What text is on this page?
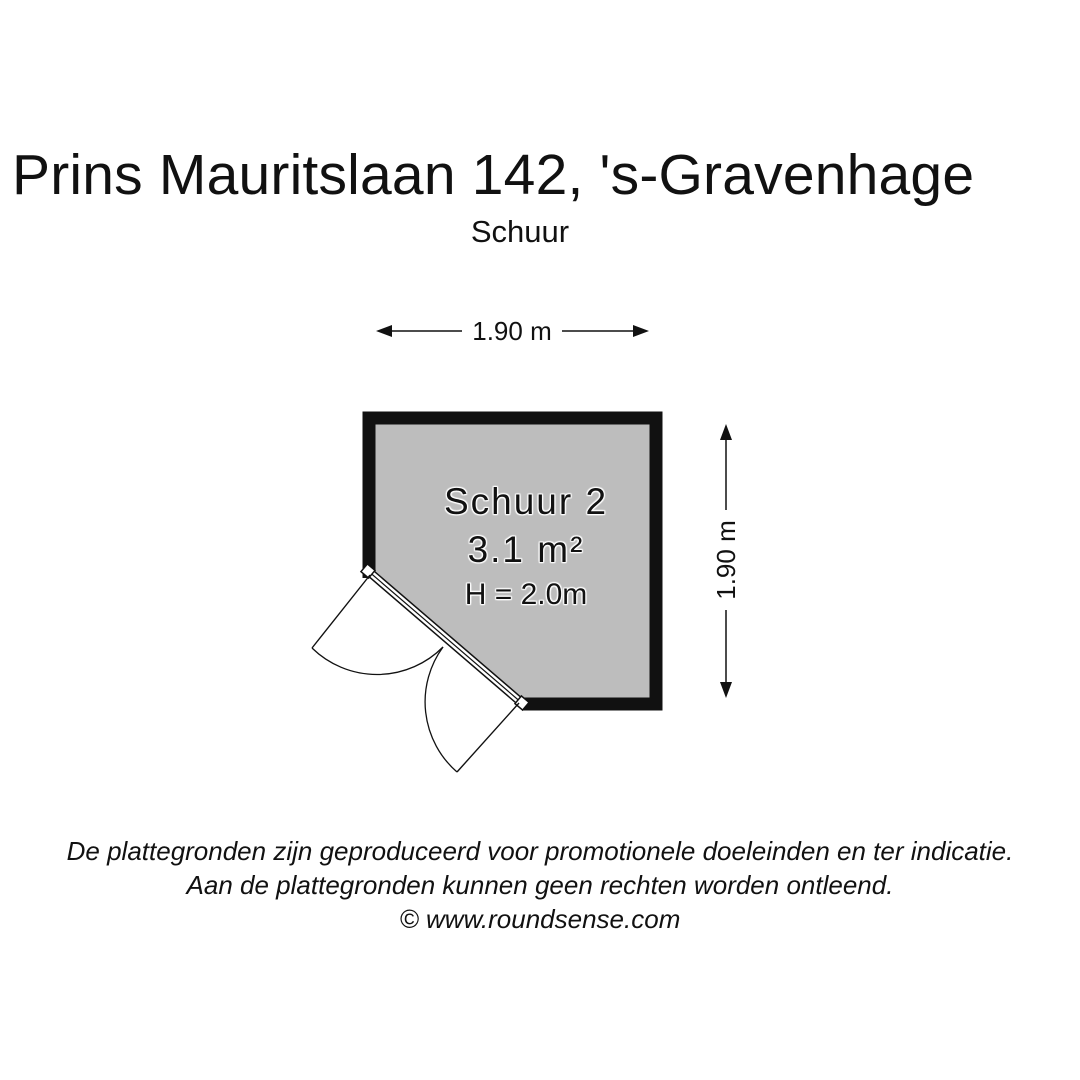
Prins Mauritslaan 142, 's-Gravenhage
Schuur
Schuur 2
3.1 m²
H = 2.0m
1.90 m
1.90 m
De plattegronden zijn geproduceerd voor promotionele doeleinden en ter indicatie.
Aan de plattegronden kunnen geen rechten worden ontleend.
© www.roundsense.com
